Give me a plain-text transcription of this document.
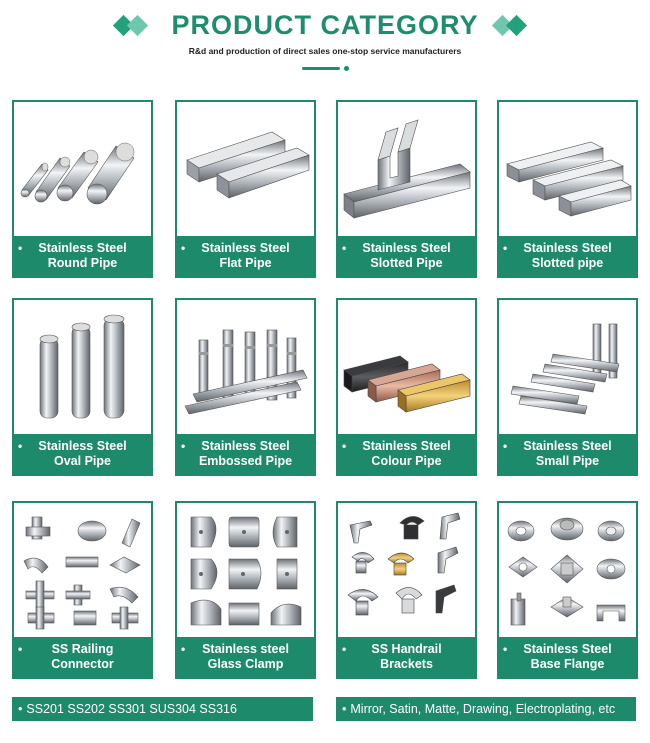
PRODUCT CATEGORY
R&d and production of direct sales one-stop service manufacturers
•	Stainless Steel
Round Pipe
•	Stainless Steel
Flat Pipe
•	Stainless Steel
Slotted Pipe
•	Stainless Steel
Slotted pipe
•	Stainless Steel
Oval Pipe
•	Stainless Steel
Embossed Pipe
•	Stainless Steel
Colour Pipe
•	Stainless Steel
Small Pipe
•	SS Railing
Connector
•	Stainless steel
Glass Clamp
•	SS Handrail
Brackets
•	Stainless Steel
Base Flange
• SS201 SS202 SS301 SUS304 SS316	• Mirror, Satin, Matte, Drawing, Electroplating, etc
